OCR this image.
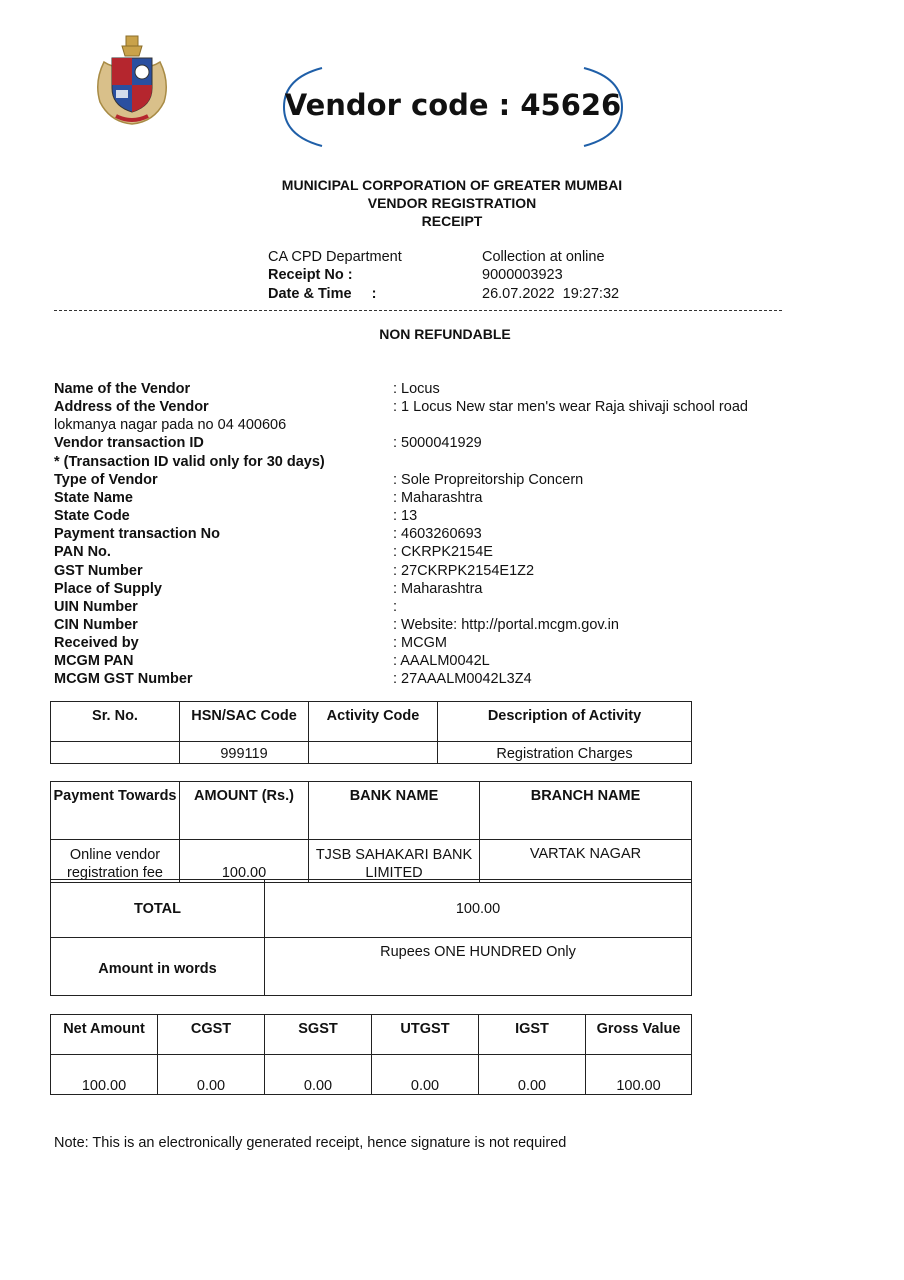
Vendor code : 45626
MUNICIPAL CORPORATION OF GREATER MUMBAI
VENDOR REGISTRATION
RECEIPT
CA CPD Department	Collection at online
Receipt No :	9000003923
Date & Time     :	26.07.2022  19:27:32
NON REFUNDABLE
Name of the Vendor	: Locus
Address of the Vendor	: 1 Locus New star men's wear Raja shivaji school road
lokmanya nagar pada no 04 400606
Vendor transaction ID	: 5000041929
* (Transaction ID valid only for 30 days)
Type of Vendor	: Sole Propreitorship Concern
State Name	: Maharashtra
State Code	: 13
Payment transaction No	: 4603260693
PAN No.	: CKRPK2154E
GST Number	: 27CKRPK2154E1Z2
Place of Supply	: Maharashtra
UIN Number	:
CIN Number	: Website: http://portal.mcgm.gov.in
Received by	: MCGM
MCGM PAN	: AAALM0042L
MCGM GST Number	: 27AAALM0042L3Z4
Sr. No.	HSN/SAC Code	Activity Code	Description of Activity
	999119		Registration Charges
Payment Towards	AMOUNT (Rs.)	BANK NAME	BRANCH NAME
Online vendor registration fee	100.00	TJSB SAHAKARI BANK LIMITED	VARTAK NAGAR
TOTAL	100.00
Amount in words	Rupees ONE HUNDRED Only
Net Amount	CGST	SGST	UTGST	IGST	Gross Value
100.00	0.00	0.00	0.00	0.00	100.00
Note: This is an electronically generated receipt, hence signature is not required
